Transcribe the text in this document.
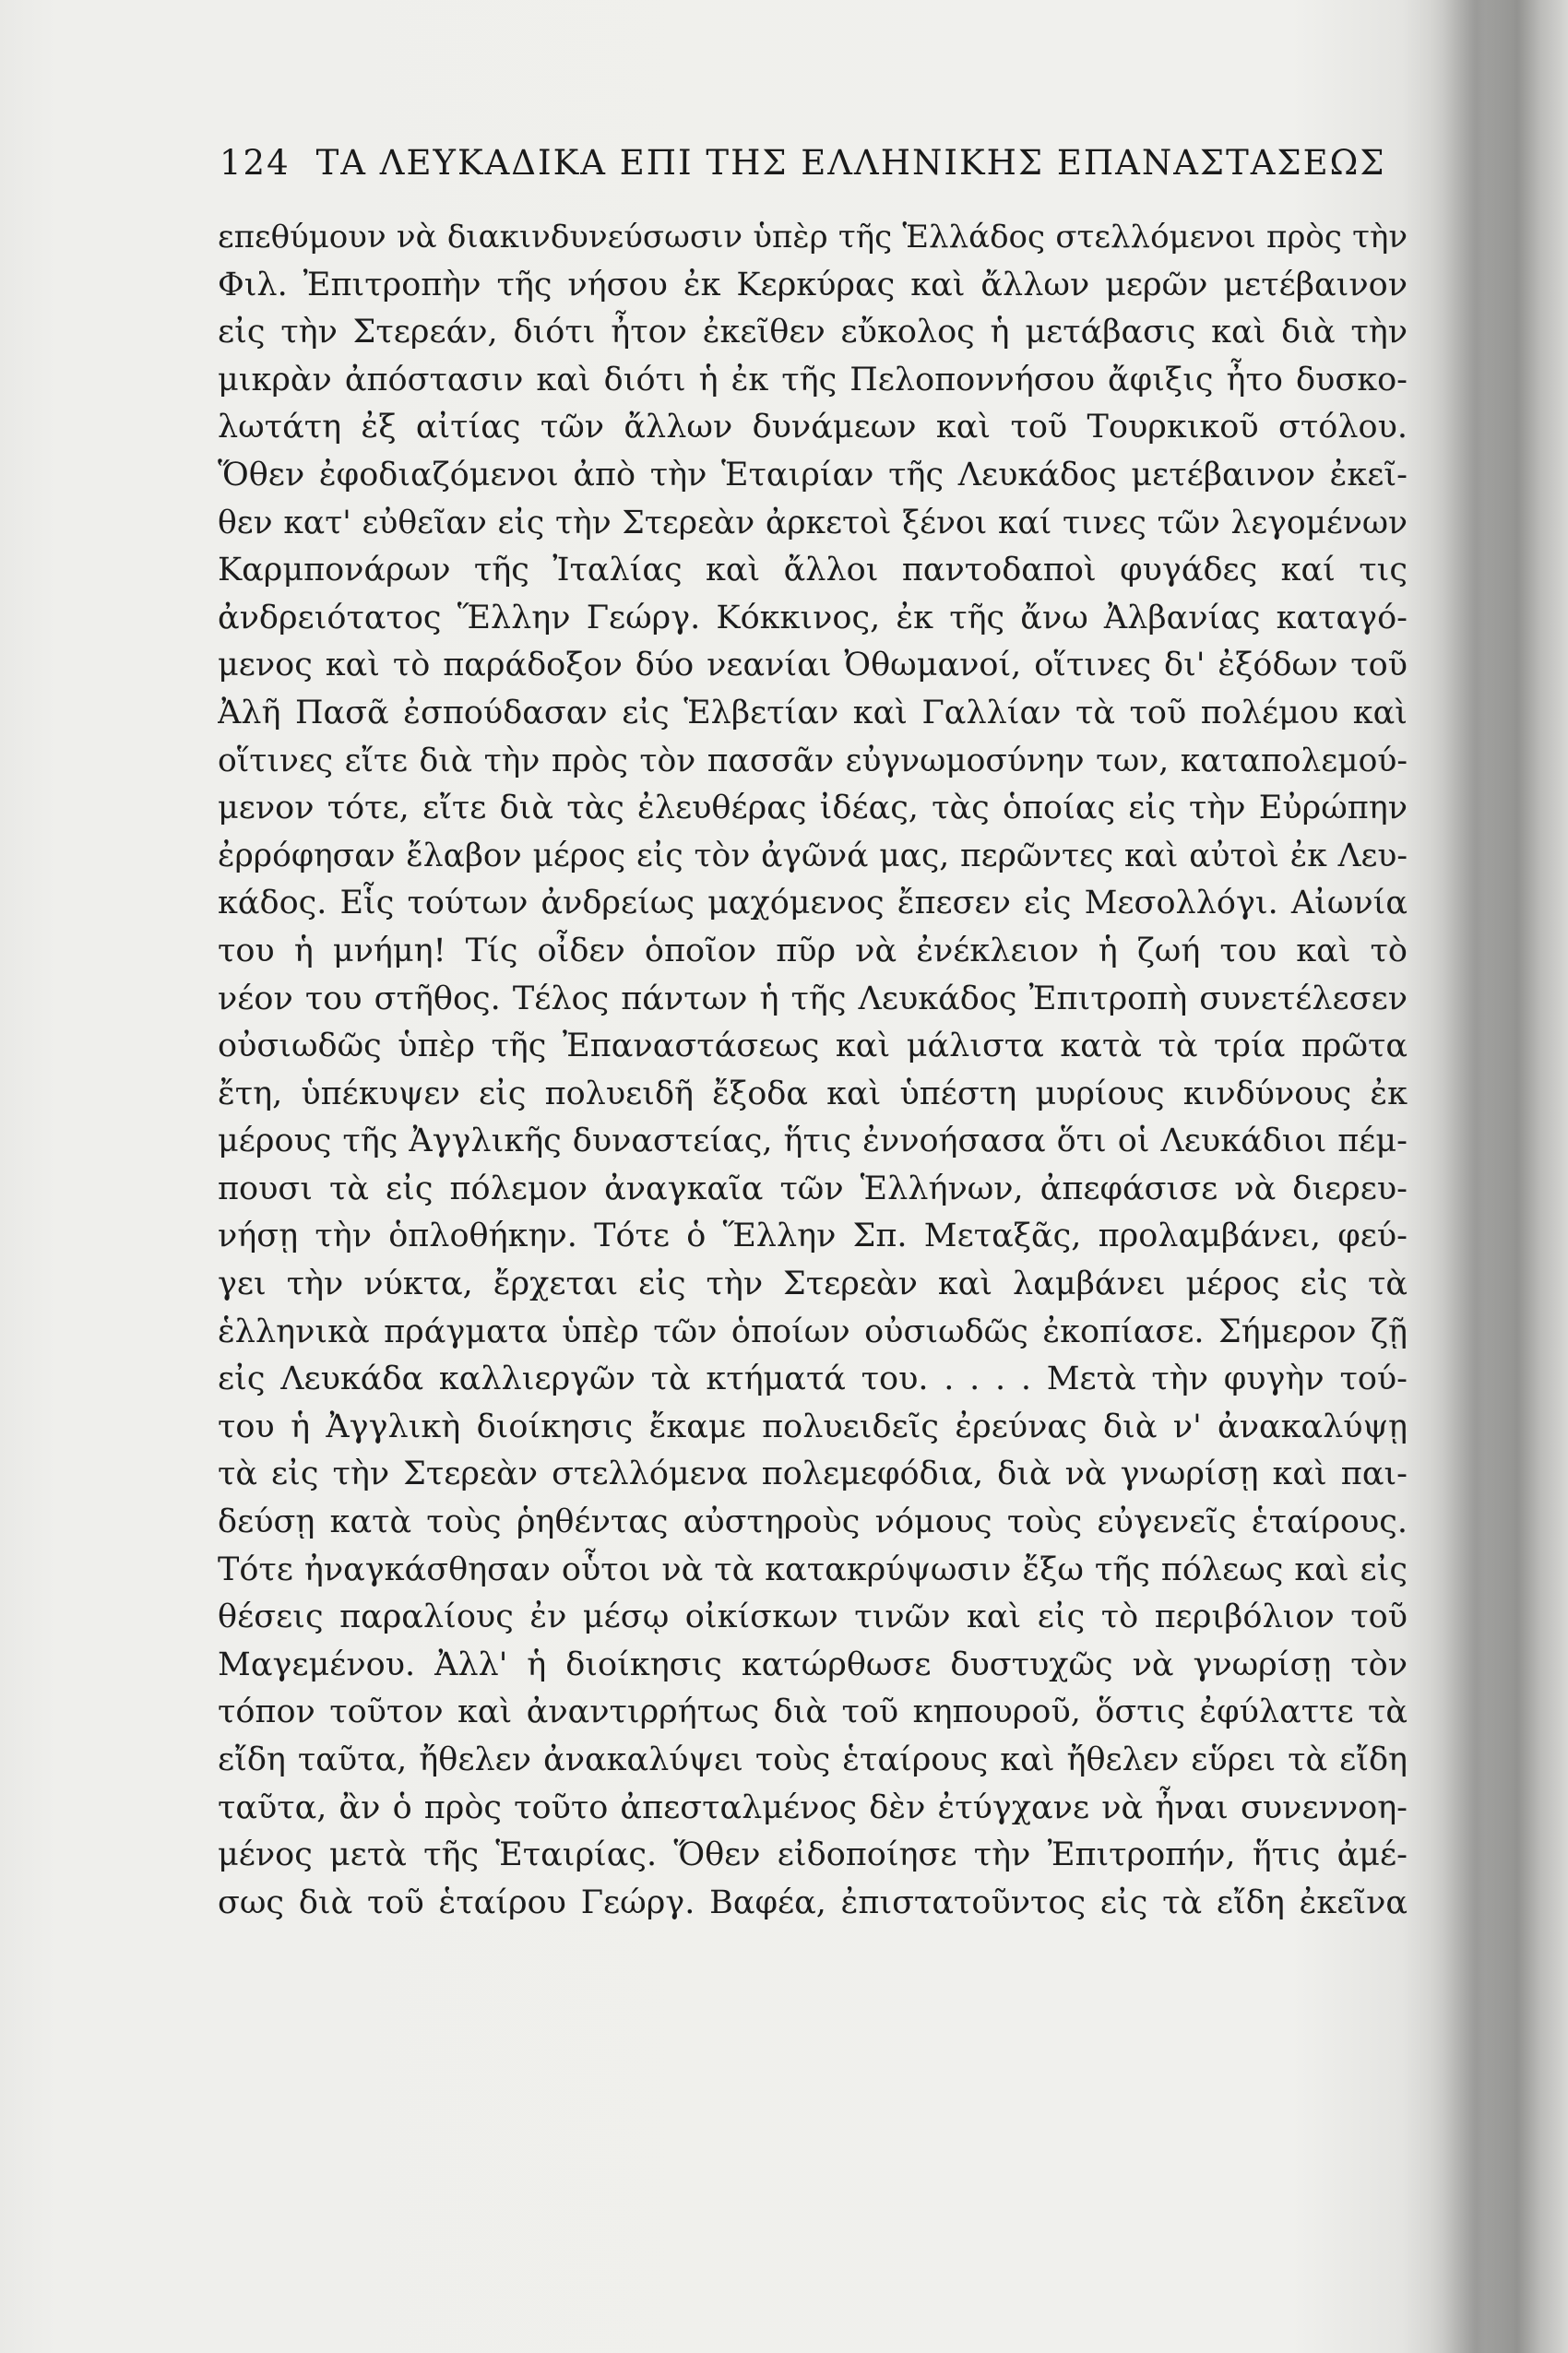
124 ΤΑ ΛΕΥΚΑΔΙΚΑ ΕΠΙ ΤΗΣ ΕΛΛΗΝΙΚΗΣ ΕΠΑΝΑΣΤΑΣΕΩΣ
επεθύμουν νὰ διακινδυνεύσωσιν ὑπὲρ τῆς Ἑλλάδος στελλόμενοι πρὸς τὴν
Φιλ. Ἐπιτροπὴν τῆς νήσου ἐκ Κερκύρας καὶ ἄλλων μερῶν μετέβαινον
εἰς τὴν Στερεάν, διότι ἦτον ἐκεῖθεν εὔκολος ἡ μετάβασις καὶ διὰ τὴν
μικρὰν ἀπόστασιν καὶ διότι ἡ ἐκ τῆς Πελοποννήσου ἄφιξις ἦτο δυσκο-
λωτάτη ἐξ αἰτίας τῶν ἄλλων δυνάμεων καὶ τοῦ Τουρκικοῦ στόλου.
Ὅθεν ἐφοδιαζόμενοι ἀπὸ τὴν Ἑταιρίαν τῆς Λευκάδος μετέβαινον ἐκεῖ-
θεν κατ' εὐθεῖαν εἰς τὴν Στερεὰν ἀρκετοὶ ξένοι καί τινες τῶν λεγομένων
Καρμπονάρων τῆς Ἰταλίας καὶ ἄλλοι παντοδαποὶ φυγάδες καί τις
ἀνδρειότατος Ἕλλην Γεώργ. Κόκκινος, ἐκ τῆς ἄνω Ἀλβανίας καταγό-
μενος καὶ τὸ παράδοξον δύο νεανίαι Ὀθωμανοί, οἵτινες δι' ἐξόδων τοῦ
Ἀλῆ Πασᾶ ἐσπούδασαν εἰς Ἑλβετίαν καὶ Γαλλίαν τὰ τοῦ πολέμου καὶ
οἵτινες εἴτε διὰ τὴν πρὸς τὸν πασσᾶν εὐγνωμοσύνην των, καταπολεμού-
μενον τότε, εἴτε διὰ τὰς ἐλευθέρας ἰδέας, τὰς ὁποίας εἰς τὴν Εὐρώπην
ἐρρόφησαν ἔλαβον μέρος εἰς τὸν ἀγῶνά μας, περῶντες καὶ αὐτοὶ ἐκ Λευ-
κάδος. Εἷς τούτων ἀνδρείως μαχόμενος ἔπεσεν εἰς Μεσολλόγι. Αἰωνία
του ἡ μνήμη! Τίς οἶδεν ὁποῖον πῦρ νὰ ἐνέκλειον ἡ ζωή του καὶ τὸ
νέον του στῆθος. Τέλος πάντων ἡ τῆς Λευκάδος Ἐπιτροπὴ συνετέλεσεν
οὐσιωδῶς ὑπὲρ τῆς Ἐπαναστάσεως καὶ μάλιστα κατὰ τὰ τρία πρῶτα
ἔτη, ὑπέκυψεν εἰς πολυειδῆ ἔξοδα καὶ ὑπέστη μυρίους κινδύνους ἐκ
μέρους τῆς Ἀγγλικῆς δυναστείας, ἥτις ἐννοήσασα ὅτι οἱ Λευκάδιοι πέμ-
πουσι τὰ εἰς πόλεμον ἀναγκαῖα τῶν Ἑλλήνων, ἀπεφάσισε νὰ διερευ-
νήσῃ τὴν ὁπλοθήκην. Τότε ὁ Ἕλλην Σπ. Μεταξᾶς, προλαμβάνει, φεύ-
γει τὴν νύκτα, ἔρχεται εἰς τὴν Στερεὰν καὶ λαμβάνει μέρος εἰς τὰ
ἑλληνικὰ πράγματα ὑπὲρ τῶν ὁποίων οὐσιωδῶς ἐκοπίασε. Σήμερον ζῇ
εἰς Λευκάδα καλλιεργῶν τὰ κτήματά του. . . . . Μετὰ τὴν φυγὴν τού-
του ἡ Ἀγγλικὴ διοίκησις ἔκαμε πολυειδεῖς ἐρεύνας διὰ ν' ἀνακαλύψῃ
τὰ εἰς τὴν Στερεὰν στελλόμενα πολεμεφόδια, διὰ νὰ γνωρίσῃ καὶ παι-
δεύσῃ κατὰ τοὺς ῥηθέντας αὐστηροὺς νόμους τοὺς εὐγενεῖς ἑταίρους.
Τότε ἠναγκάσθησαν οὗτοι νὰ τὰ κατακρύψωσιν ἔξω τῆς πόλεως καὶ εἰς
θέσεις παραλίους ἐν μέσῳ οἰκίσκων τινῶν καὶ εἰς τὸ περιβόλιον τοῦ
Μαγεμένου. Ἀλλ' ἡ διοίκησις κατώρθωσε δυστυχῶς νὰ γνωρίσῃ τὸν
τόπον τοῦτον καὶ ἀναντιρρήτως διὰ τοῦ κηπουροῦ, ὅστις ἐφύλαττε τὰ
εἴδη ταῦτα, ἤθελεν ἀνακαλύψει τοὺς ἑταίρους καὶ ἤθελεν εὕρει τὰ εἴδη
ταῦτα, ἂν ὁ πρὸς τοῦτο ἀπεσταλμένος δὲν ἐτύγχανε νὰ ἦναι συνεννοη-
μένος μετὰ τῆς Ἑταιρίας. Ὅθεν εἰδοποίησε τὴν Ἐπιτροπήν, ἥτις ἀμέ-
σως διὰ τοῦ ἑταίρου Γεώργ. Βαφέα, ἐπιστατοῦντος εἰς τὰ εἴδη ἐκεῖνα
